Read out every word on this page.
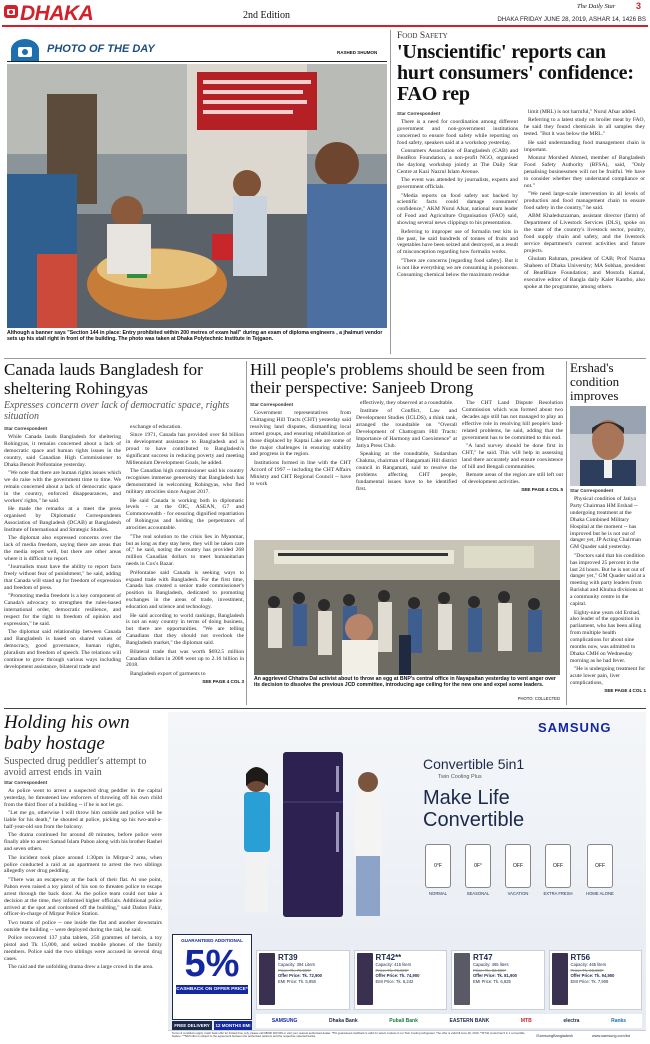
DHAKA	2nd Edition
The Daily Star 3
DHAKA FRIDAY JUNE 28, 2019, ASHAR 14, 1426 BS
PHOTO OF THE DAY	RASHED SHUMON
Although a banner says "Section 144 in place: Entry prohibited within 200 metres of exam hall" during an exam of diploma engineers , a jhalmuri vendor sets up his stall right in front of the building. The photo was taken at Dhaka Polytechnic Institute in Tejgaon.
Food Safety
'Unscientific' reports can hurt consumers' confidence: FAO rep
Star Correspondent

There is a need for coordination among different government and non-government institutions concerned to ensure food safety while reporting on food safety, speakers said at a workshop yesterday.

Consumers Association of Bangladesh (CAB) and BeatBox Foundation, a non-profit NGO, organised the daylong workshop jointly at The Daily Star Centre at Kazi Nazrul Islam Avenue.

The event was attended by journalists, experts and government officials.

"Media reports on food safety not backed by scientific facts could damage consumers' confidence," AKM Nurul Afsar, national team leader of Food and Agriculture Organisation (FAO) said, showing several news clippings to his presentation.

Referring to improper use of formalin test kits in the past, he said hundreds of tonnes of fruits and vegetables have been seized and destroyed, as a result of misconception regarding how formalin works.

"There are concerns [regarding food safety]. But it is not like everything we are consuming is poisonous. Consuming chemical below the maximum residue

limit (MRL) is not harmful," Nurul Afsar added.

Referring to a latest study on broiler meat by FAO, he said they found chemicals in all samples they tested. "But it was below the MRL."

He said understanding food management chain is important.

Monzur Morshed Ahmed, member of Bangladesh Food Safety Authority (BFSA), said, "Only penalising businessmen will not be fruitful. We have to consider whether they understand compliance or not."

"We need large-scale intervention in all levels of production and food management chain to ensure food safety in the country," he said.

ABM Khaleduzzaman, assistant director (farm) of Department of Livestock Services (DLS), spoke on the state of the country's livestock sector, poultry, food supply chain and safety, and the livestock service department's current activities and future projects.

Ghulam Rahman, president of CAB; Prof Nazma Shaheen of Dhaka University; MA Sobhan, president of BeatBlaze Foundation; and Mostofa Kamal, executive editor of Bangla daily Kaler Kantho, also spoke at the programme, among others.

Canada lauds Bangladesh for sheltering Rohingyas
Expresses concern over lack of democratic space, rights situation
Star Correspondent

While Canada lauds Bangladesh for sheltering Rohingyas, it remains concerned about a lack of democratic space and human rights issues in the country, said Canadian High Commissioner to Dhaka Benoit Préfontaine yesterday.

"We note that there are human rights issues which we do raise with the government time to time. We remain concerned about a lack of democratic space in the country, enforced disappearances, and workers' rights," he said.

He made the remarks at a meet the press organised by Diplomatic Correspondents Association of Bangladesh (DCAB) at Bangladesh Institute of International and Strategic Studies.

The diplomat also expressed concerns over the lack of media freedom, saying there are areas that the media report well, but there are other areas where it is difficult to report.

"Journalists must have the ability to report facts freely without fear of punishment," he said, adding that Canada will stand up for freedom of expression and freedom of press.

"Promoting media freedom is a key component of Canada's advocacy to strengthen the rules-based international order, democratic resilience, and respect for the right to freedom of opinion and expression," he said.

The diplomat said relationship between Canada and Bangladesh is based on shared values of democracy, good governance, human rights, pluralism and freedom of speech. The relations will continue to grow through various ways including development assistance, bilateral trade and

exchange of education.

Since 1971, Canada has provided over $4 billion in development assistance to Bangladesh and is proud to have contributed to Bangladesh's significant success in reducing poverty and meeting Millennium Development Goals, he added.

The Canadian high commissioner said his country recognises immense generosity that Bangladesh has demonstrated in welcoming Rohingyas, who fled military atrocities since August 2017.

He said Canada is working both in diplomatic levels - at the OIC, ASEAN, G7 and Commonwealth - for ensuring dignified repatriation of Rohingyas and holding the perpetrators of atrocities accountable.

"The real solution to the crisis lies in Myanmar, but as long as they stay here, they will be taken care of," he said, noting the country has provided 268 million Canadian dollars to meet humanitarian needs in Cox's Bazar.

Préfontaine said Canada is seeking ways to expand trade with Bangladesh. For the first time, Canada has created a senior trade commissioner's position in Bangladesh, dedicated to promoting exchanges in the areas of trade, investment, education and science and technology.

He said according to world rankings, Bangladesh is not an easy country in terms of doing business, but there are opportunities. "We are telling Canadians that they should not overlook the Bangladesh market," the diplomat said.

Bilateral trade that was worth $692.5 million Canadian dollars in 2008 went up to 2.16 billion in 2018.

Bangladesh export of garments to

SEE PAGE 4 COL 3
Hill people's problems should be seen from their perspective: Sanjeeb Drong
Star Correspondent

Government representatives from Chittagong Hill Tracts (CHT) yesterday said resolving land disputes, dismantling local armed groups, and ensuring rehabilitation of those displaced by Kaptai Lake are some of the major challenges in ensuring stability and progress in the region.

Institutions formed in line with the CHT Accord of 1997 -- including the CHT Affairs Ministry and CHT Regional Council -- have to work

effectively, they observed at a roundtable.

Institute of Conflict, Law and Development Studies (ICLDS), a think tank, arranged the roundtable on "Overall Development of Chattogram Hill Tracts: Importance of Harmony and Coexistence" at Jatiya Press Club.

Speaking at the roundtable, Sudarshan Chakma, chairman of Rangamati Hill district council in Rangamati, said to resolve the problems affecting CHT people, fundamental issues have to be identified first.

The CHT Land Dispute Resolution Commission which was formed about two decades ago still has not managed to play an effective role in resolving hill people's land-related problems, he said, adding that the government has to be committed to this end.

"A land survey should be done first in CHT," he said. This will help in assessing land there accurately and ensure coexistence of hill and Bengali communities.

Remote areas of the region are still left out of development activities.

SEE PAGE 4 COL 5
An aggrieved Chhatra Dal activist about to throw an egg at BNP's central office in Nayapaltan yesterday to vent anger over its decision to dissolve the previous JCD committee, introducing age ceiling for the new one and expel some leaders.
PHOTO: COLLECTED
Ershad's condition improves
Star Correspondent

Physical condition of Jatiya Party Chairman HM Ershad -- undergoing treatment at the Dhaka Combined Military Hospital at the moment -- has improved but he is not out of danger yet, JP Acting Chairman GM Quader said yesterday.

"Doctors said that his condition has improved 25 percent in the last 24 hours. But he is not out of danger yet," GM Quader said at a meeting with party leaders from Barishal and Khulna divisions at a community centre in the capital.

Eighty-nine years old Ershad, also leader of the opposition in parliament, who has been ailing from multiple health complications for about nine months now, was admitted to Dhaka CMH on Wednesday morning as he had fever.

"He is undergoing treatment for acute lower pain, liver complications,

SEE PAGE 4 COL 1
Holding his own baby hostage
Suspected drug peddler's attempt to avoid arrest ends in vain
Star Correspondent

As police went to arrest a suspected drug peddler in the capital yesterday, he threatened law enforcers of throwing off his own child from the third floor of a building -- if he is not let go.

"Let me go, otherwise I will throw him outside and police will be liable for his death," he shouted at police, picking up his two-and-a-half-year-old son from the balcony.

The drama continued for around 40 minutes, before police were finally able to arrest Samad Islam Pabon along with his brother Rashel and seven others.

The incident took place around 1:30pm in Mirpur-2 area, when police conducted a raid at an apartment to arrest the two siblings allegedly over drug peddling.

"There was an escapeway at the back of their flat. At one point, Pabon even raised a toy pistol of his son to threaten police to escape arrest through the back door. As the police team could not take a decision at the time, they informed higher officials. Additional police arrived at the spot and cordoned off the building," said Dadon Fakir, officer-in-charge of Mirpur Police Station.

Two teams of police -- one inside the flat and another downstairs outside the building -- were deployed during the raid, he said.

Police recovered 137 yaba tablets, 250 grammes of heroin, a toy pistol and Tk 15,000, and seized mobile phones of the family members. Police said the two siblings were accused in several drug cases.

The raid and the unfolding drama drew a large crowd in the area.

SAMSUNG
Convertible 5in1
Twin Cooling Plus
Make Life
Convertible
0°F
NORMAL
0F°
SEASONAL
OFF
VACATION
OFF
EXTRA FRESH
OFF
HOME ALONE
GUARANTEED ADDITIONAL
5%
CASHBACK ON OFFER PRICE*
FREE DELIVERY	12 MONTHS EMI
RT39
Capacity: 394 Liters
Price: Tk. 79,900*
Offer Price: Tk. 72,900
EMI Price: Tk. 5,958
RT42**
Capacity: 415 liters
Price: Tk. 79,900*
Offer Price: Tk. 74,900
EMI Price: Tk. 6,242
RT47
Capacity: 465 liters
Price: Tk. 80,900*
Offer Price: Tk. 81,900
EMI Price: Tk. 6,825
RT56
Capacity: 465 liters
Price: Tk. 95,900*
Offer Price: Tk. 94,900
EMI Price: Tk. 7,908
SAMSUNG	Dhaka Bank	Pubali Bank	EASTERN BANK	MTB	electra	Ranks
Terms & conditions apply. Cash back offer for limited time only, please call 08000 300 300 or visit your nearest authorised dealer. *5% guaranteed cashback is valid for select models of our Twin Cooling refrigerator. The offer is valid till June 30, 2019. **RT42 model has 5 in 1 convertible feature. ***EMI offer is subject to the agreement between the authorised partners and the respective selected banks.	/SamsungBangladesh	www.samsung.com/bd
